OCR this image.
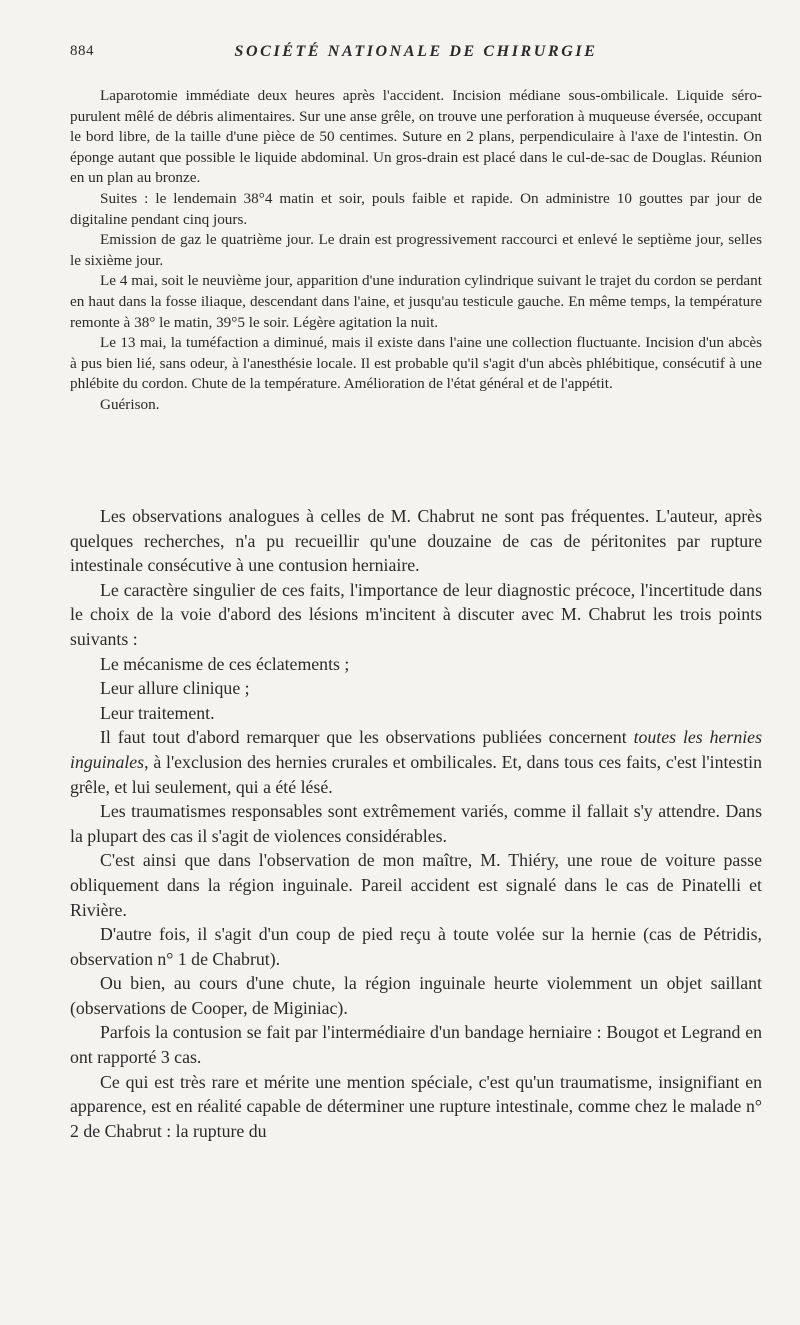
884	SOCIÉTÉ NATIONALE DE CHIRURGIE

Laparotomie immédiate deux heures après l'accident. Incision médiane sous-ombilicale. Liquide séro-purulent mêlé de débris alimentaires. Sur une anse grêle, on trouve une perforation à muqueuse éversée, occupant le bord libre, de la taille d'une pièce de 50 centimes. Suture en 2 plans, perpendiculaire à l'axe de l'intestin. On éponge autant que possible le liquide abdominal. Un gros-drain est placé dans le cul-de-sac de Douglas. Réunion en un plan au bronze.

Suites : le lendemain 38°4 matin et soir, pouls faible et rapide. On administre 10 gouttes par jour de digitaline pendant cinq jours.

Emission de gaz le quatrième jour. Le drain est progressivement raccourci et enlevé le septième jour, selles le sixième jour.

Le 4 mai, soit le neuvième jour, apparition d'une induration cylindrique suivant le trajet du cordon se perdant en haut dans la fosse iliaque, descendant dans l'aine, et jusqu'au testicule gauche. En même temps, la température remonte à 38° le matin, 39°5 le soir. Légère agitation la nuit.

Le 13 mai, la tuméfaction a diminué, mais il existe dans l'aine une collection fluctuante. Incision d'un abcès à pus bien lié, sans odeur, à l'anesthésie locale. Il est probable qu'il s'agit d'un abcès phlébitique, consécutif à une phlébite du cordon. Chute de la température. Amélioration de l'état général et de l'appétit.

Guérison.

Les observations analogues à celles de M. Chabrut ne sont pas fréquentes. L'auteur, après quelques recherches, n'a pu recueillir qu'une douzaine de cas de péritonites par rupture intestinale consécutive à une contusion herniaire.

Le caractère singulier de ces faits, l'importance de leur diagnostic précoce, l'incertitude dans le choix de la voie d'abord des lésions m'incitent à discuter avec M. Chabrut les trois points suivants :

Le mécanisme de ces éclatements ;

Leur allure clinique ;

Leur traitement.

Il faut tout d'abord remarquer que les observations publiées concernent toutes les hernies inguinales, à l'exclusion des hernies crurales et ombilicales. Et, dans tous ces faits, c'est l'intestin grêle, et lui seulement, qui a été lésé.

Les traumatismes responsables sont extrêmement variés, comme il fallait s'y attendre. Dans la plupart des cas il s'agit de violences considérables.

C'est ainsi que dans l'observation de mon maître, M. Thiéry, une roue de voiture passe obliquement dans la région inguinale. Pareil accident est signalé dans le cas de Pinatelli et Rivière.

D'autre fois, il s'agit d'un coup de pied reçu à toute volée sur la hernie (cas de Pétridis, observation n° 1 de Chabrut).

Ou bien, au cours d'une chute, la région inguinale heurte violemment un objet saillant (observations de Cooper, de Miginiac).

Parfois la contusion se fait par l'intermédiaire d'un bandage herniaire : Bougot et Legrand en ont rapporté 3 cas.

Ce qui est très rare et mérite une mention spéciale, c'est qu'un traumatisme, insignifiant en apparence, est en réalité capable de déterminer une rupture intestinale, comme chez le malade n° 2 de Chabrut : la rupture du
